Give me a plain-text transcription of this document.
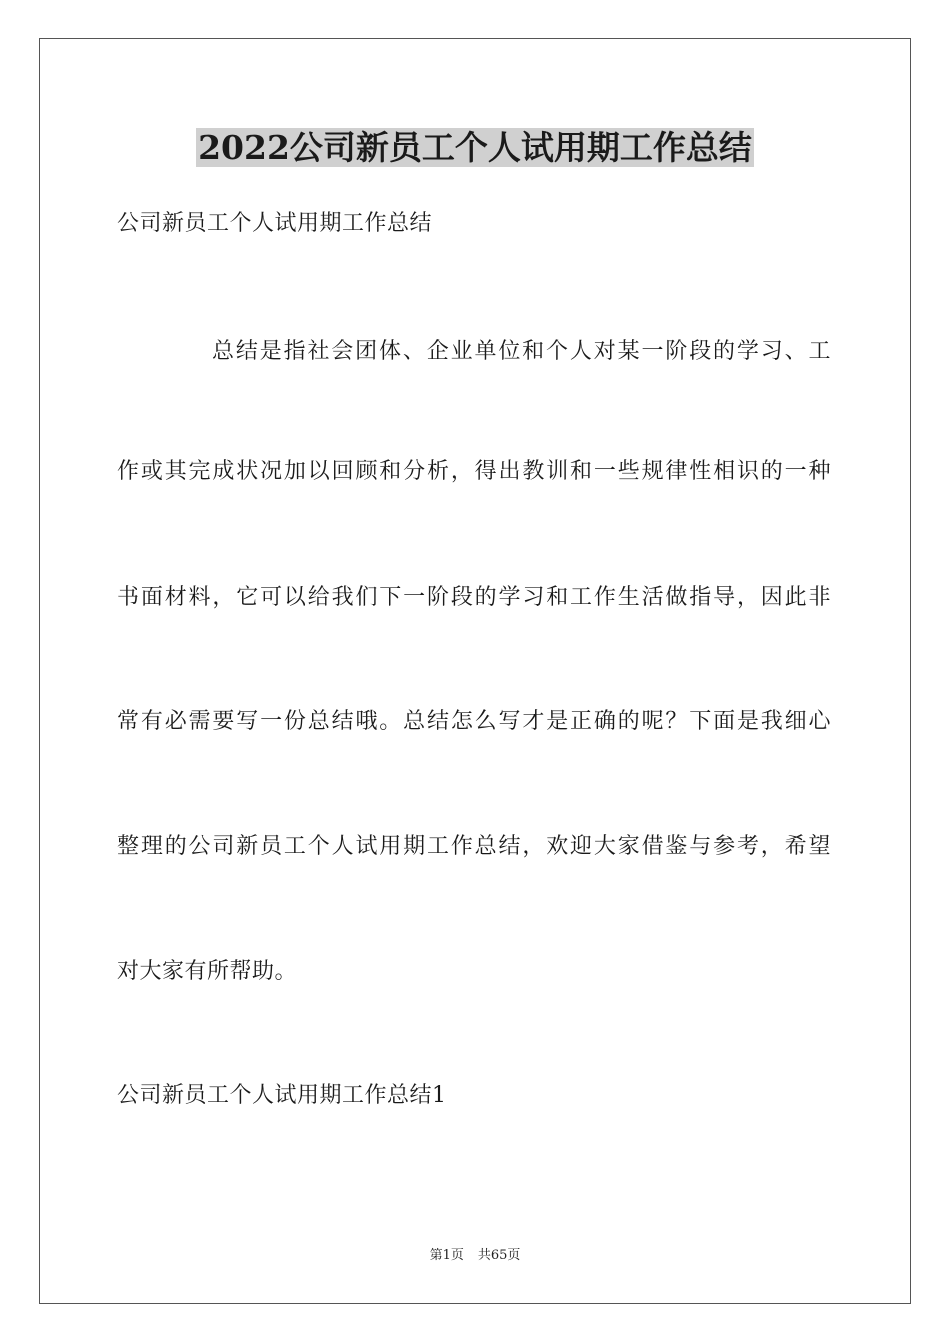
2022公司新员工个人试用期工作总结
公司新员工个人试用期工作总结
总结是指社会团体、企业单位和个人对某一阶段的学习、工
作或其完成状况加以回顾和分析，得出教训和一些规律性相识的一种
书面材料，它可以给我们下一阶段的学习和工作生活做指导，因此非
常有必需要写一份总结哦。总结怎么写才是正确的呢？下面是我细心
整理的公司新员工个人试用期工作总结，欢迎大家借鉴与参考，希望
对大家有所帮助。
公司新员工个人试用期工作总结1
第1页 共65页
